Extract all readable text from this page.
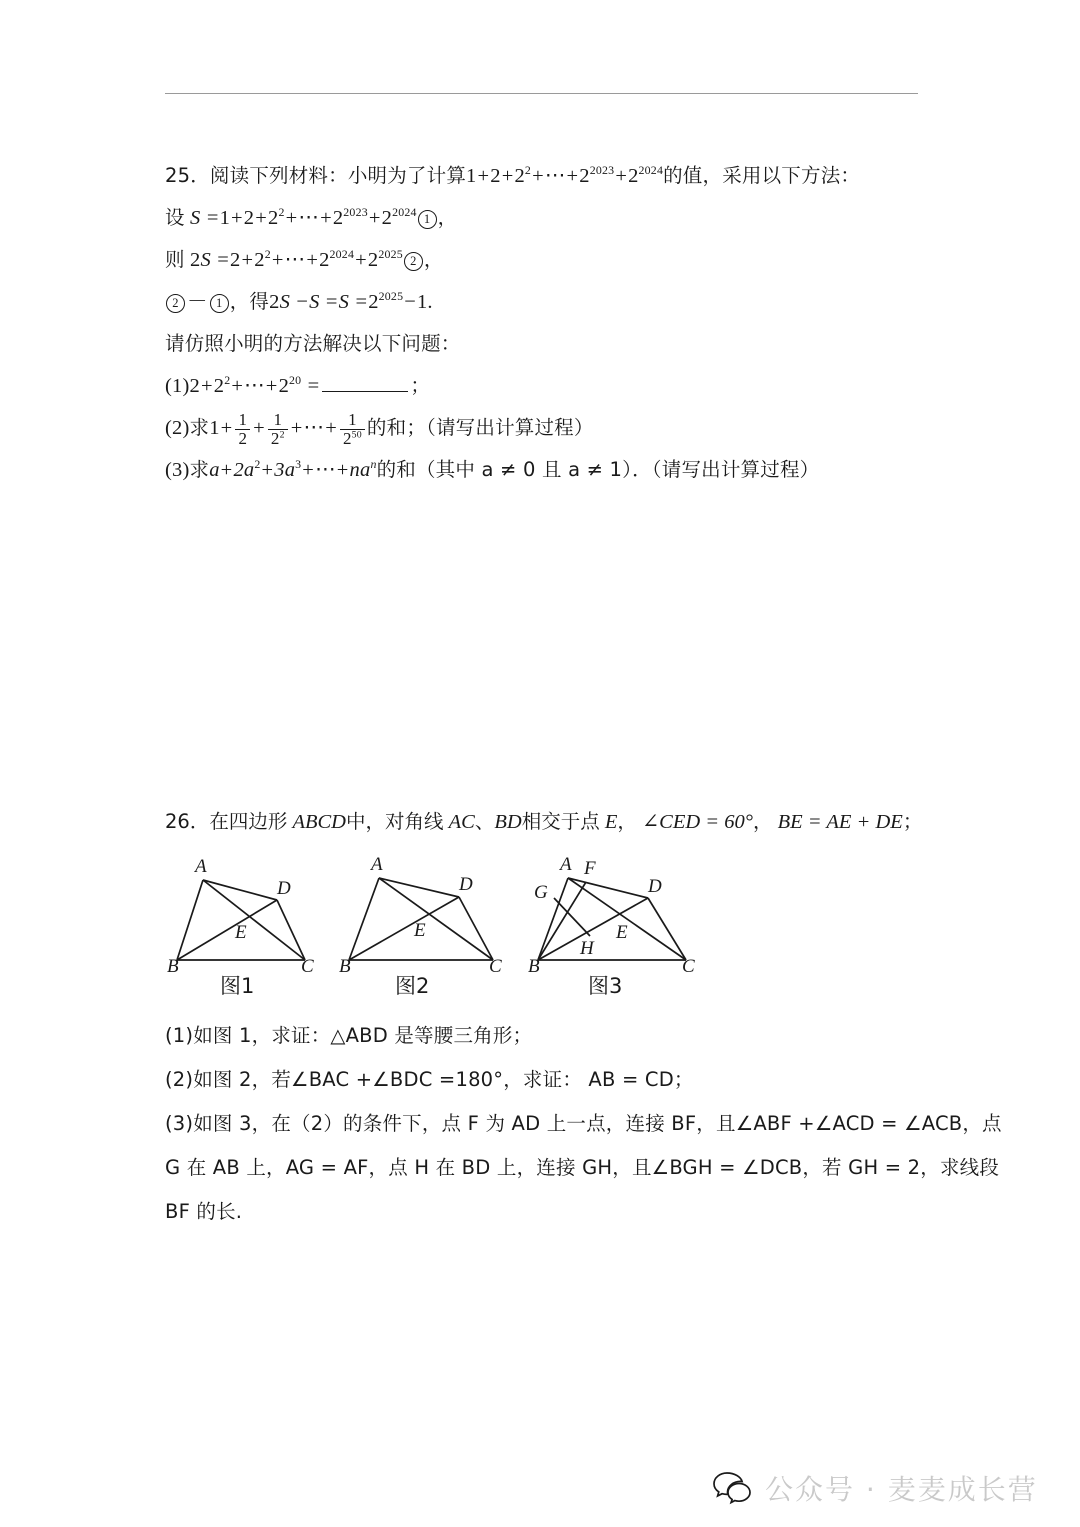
25．阅读下列材料：小明为了计算$1+2+2^2+\cdots+2^{2023}+2^{2024}$的值，采用以下方法：
设 $S =1+2+2^2+\cdots+2^{2023}+2^{2024}$ 1 ，
则 $2S =2+2^2+\cdots+2^{2024}+2^{2025}$ 2 ，
2 － 1 ，得$2S -S =S =2^{2025}-1$.
请仿照小明的方法解决以下问题：
$(1)2+2^2+\cdots+2^{20}$ =	；
(2)求$1+ \frac{1}{2} + \frac{1}{2^2}$ +⋯+ $\frac{1}{2^{50}}$ 的和；（请写出计算过程）
(3)求$a+2a^2+3a^3+\cdots+na^n$的和（其中 a ≠ 0 且 a ≠ 1）．（请写出计算过程）
26．在四边形 ABCD中，对角线 AC、BD相交于点 E， ∠CED = 60°， BE = AE + DE；
A
D
E
B	C
图1
A
D
E
B	C
图2
A F
G	D
E
H
B	C
图3
(1)如图 1，求证：△ABD 是等腰三角形；
(2)如图 2，若∠BAC +∠BDC =180°，求证： AB = CD；
(3)如图 3，在（2）的条件下，点 F 为 AD 上一点，连接 BF，且∠ABF +∠ACD = ∠ACB，点
G 在 AB 上，AG = AF，点 H 在 BD 上，连接 GH，且∠BGH = ∠DCB，若 GH = 2，求线段
BF 的长.
公众号 · 麦麦成长营
